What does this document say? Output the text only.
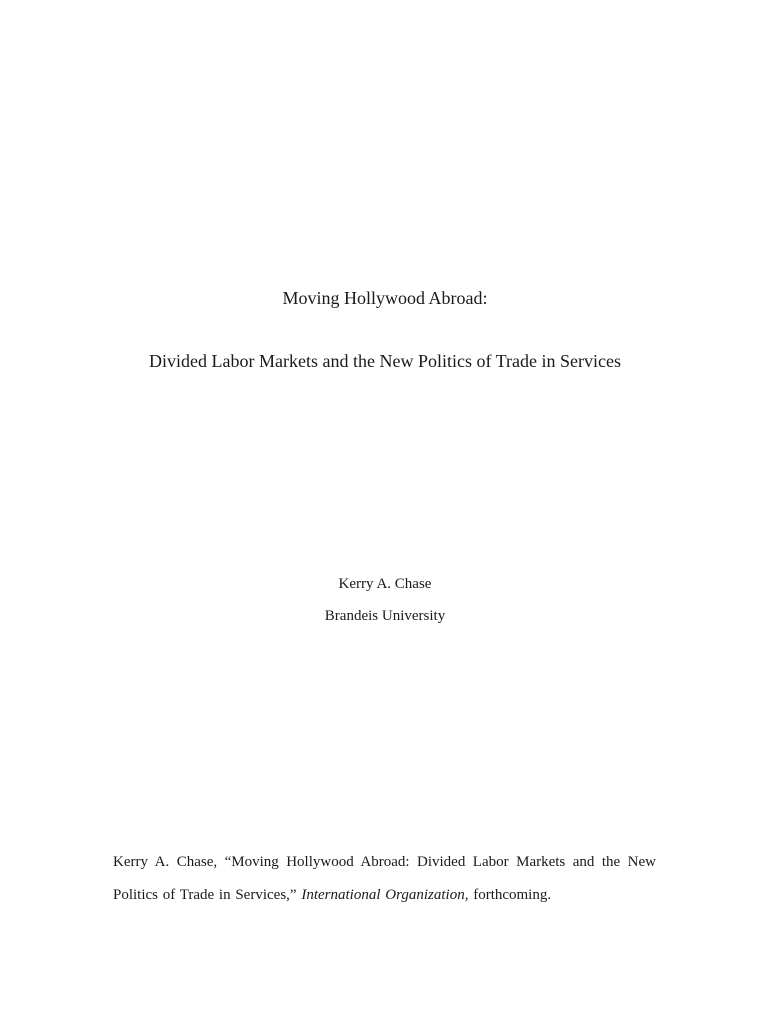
Moving Hollywood Abroad:
Divided Labor Markets and the New Politics of Trade in Services
Kerry A. Chase
Brandeis University
Kerry A. Chase, “Moving Hollywood Abroad: Divided Labor Markets and the New
Politics of Trade in Services,” International Organization, forthcoming.
